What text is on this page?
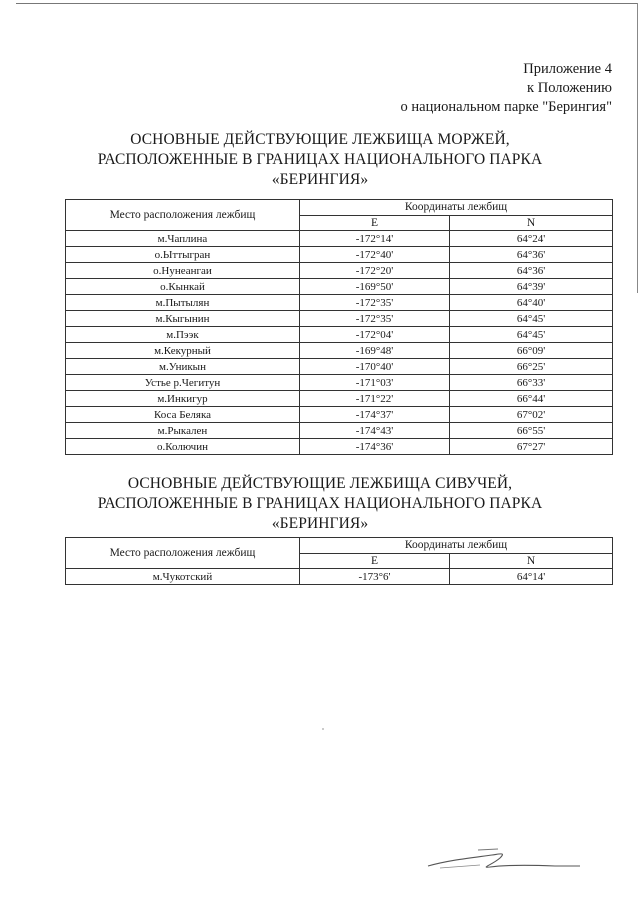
Приложение 4
к Положению
о национальном парке "Берингия"
ОСНОВНЫЕ ДЕЙСТВУЮЩИЕ ЛЕЖБИЩА МОРЖЕЙ,
РАСПОЛОЖЕННЫЕ В ГРАНИЦАХ НАЦИОНАЛЬНОГО ПАРКА
«БЕРИНГИЯ»
Место расположения лежбищ	Координаты лежбищ	
	Е	N
м.Чаплина	-172°14'	64°24'
о.Ыттыгран	-172°40'	64°36'
о.Нунеангаи	-172°20'	64°36'
о.Кынкай	-169°50'	64°39'
м.Пытылян	-172°35'	64°40'
м.Кыгынин	-172°35'	64°45'
м.Пээк	-172°04'	64°45'
м.Кекурный	-169°48'	66°09'
м.Уникын	-170°40'	66°25'
Устье р.Чегитун	-171°03'	66°33'
м.Инкигур	-171°22'	66°44'
Коса Беляка	-174°37'	67°02'
м.Рыкален	-174°43'	66°55'
о.Колючин	-174°36'	67°27'
ОСНОВНЫЕ ДЕЙСТВУЮЩИЕ ЛЕЖБИЩА СИВУЧЕЙ,
РАСПОЛОЖЕННЫЕ В ГРАНИЦАХ НАЦИОНАЛЬНОГО ПАРКА
«БЕРИНГИЯ»
Место расположения лежбищ	Координаты лежбищ	
	Е	N
м.Чукотский	-173°6'	64°14'
